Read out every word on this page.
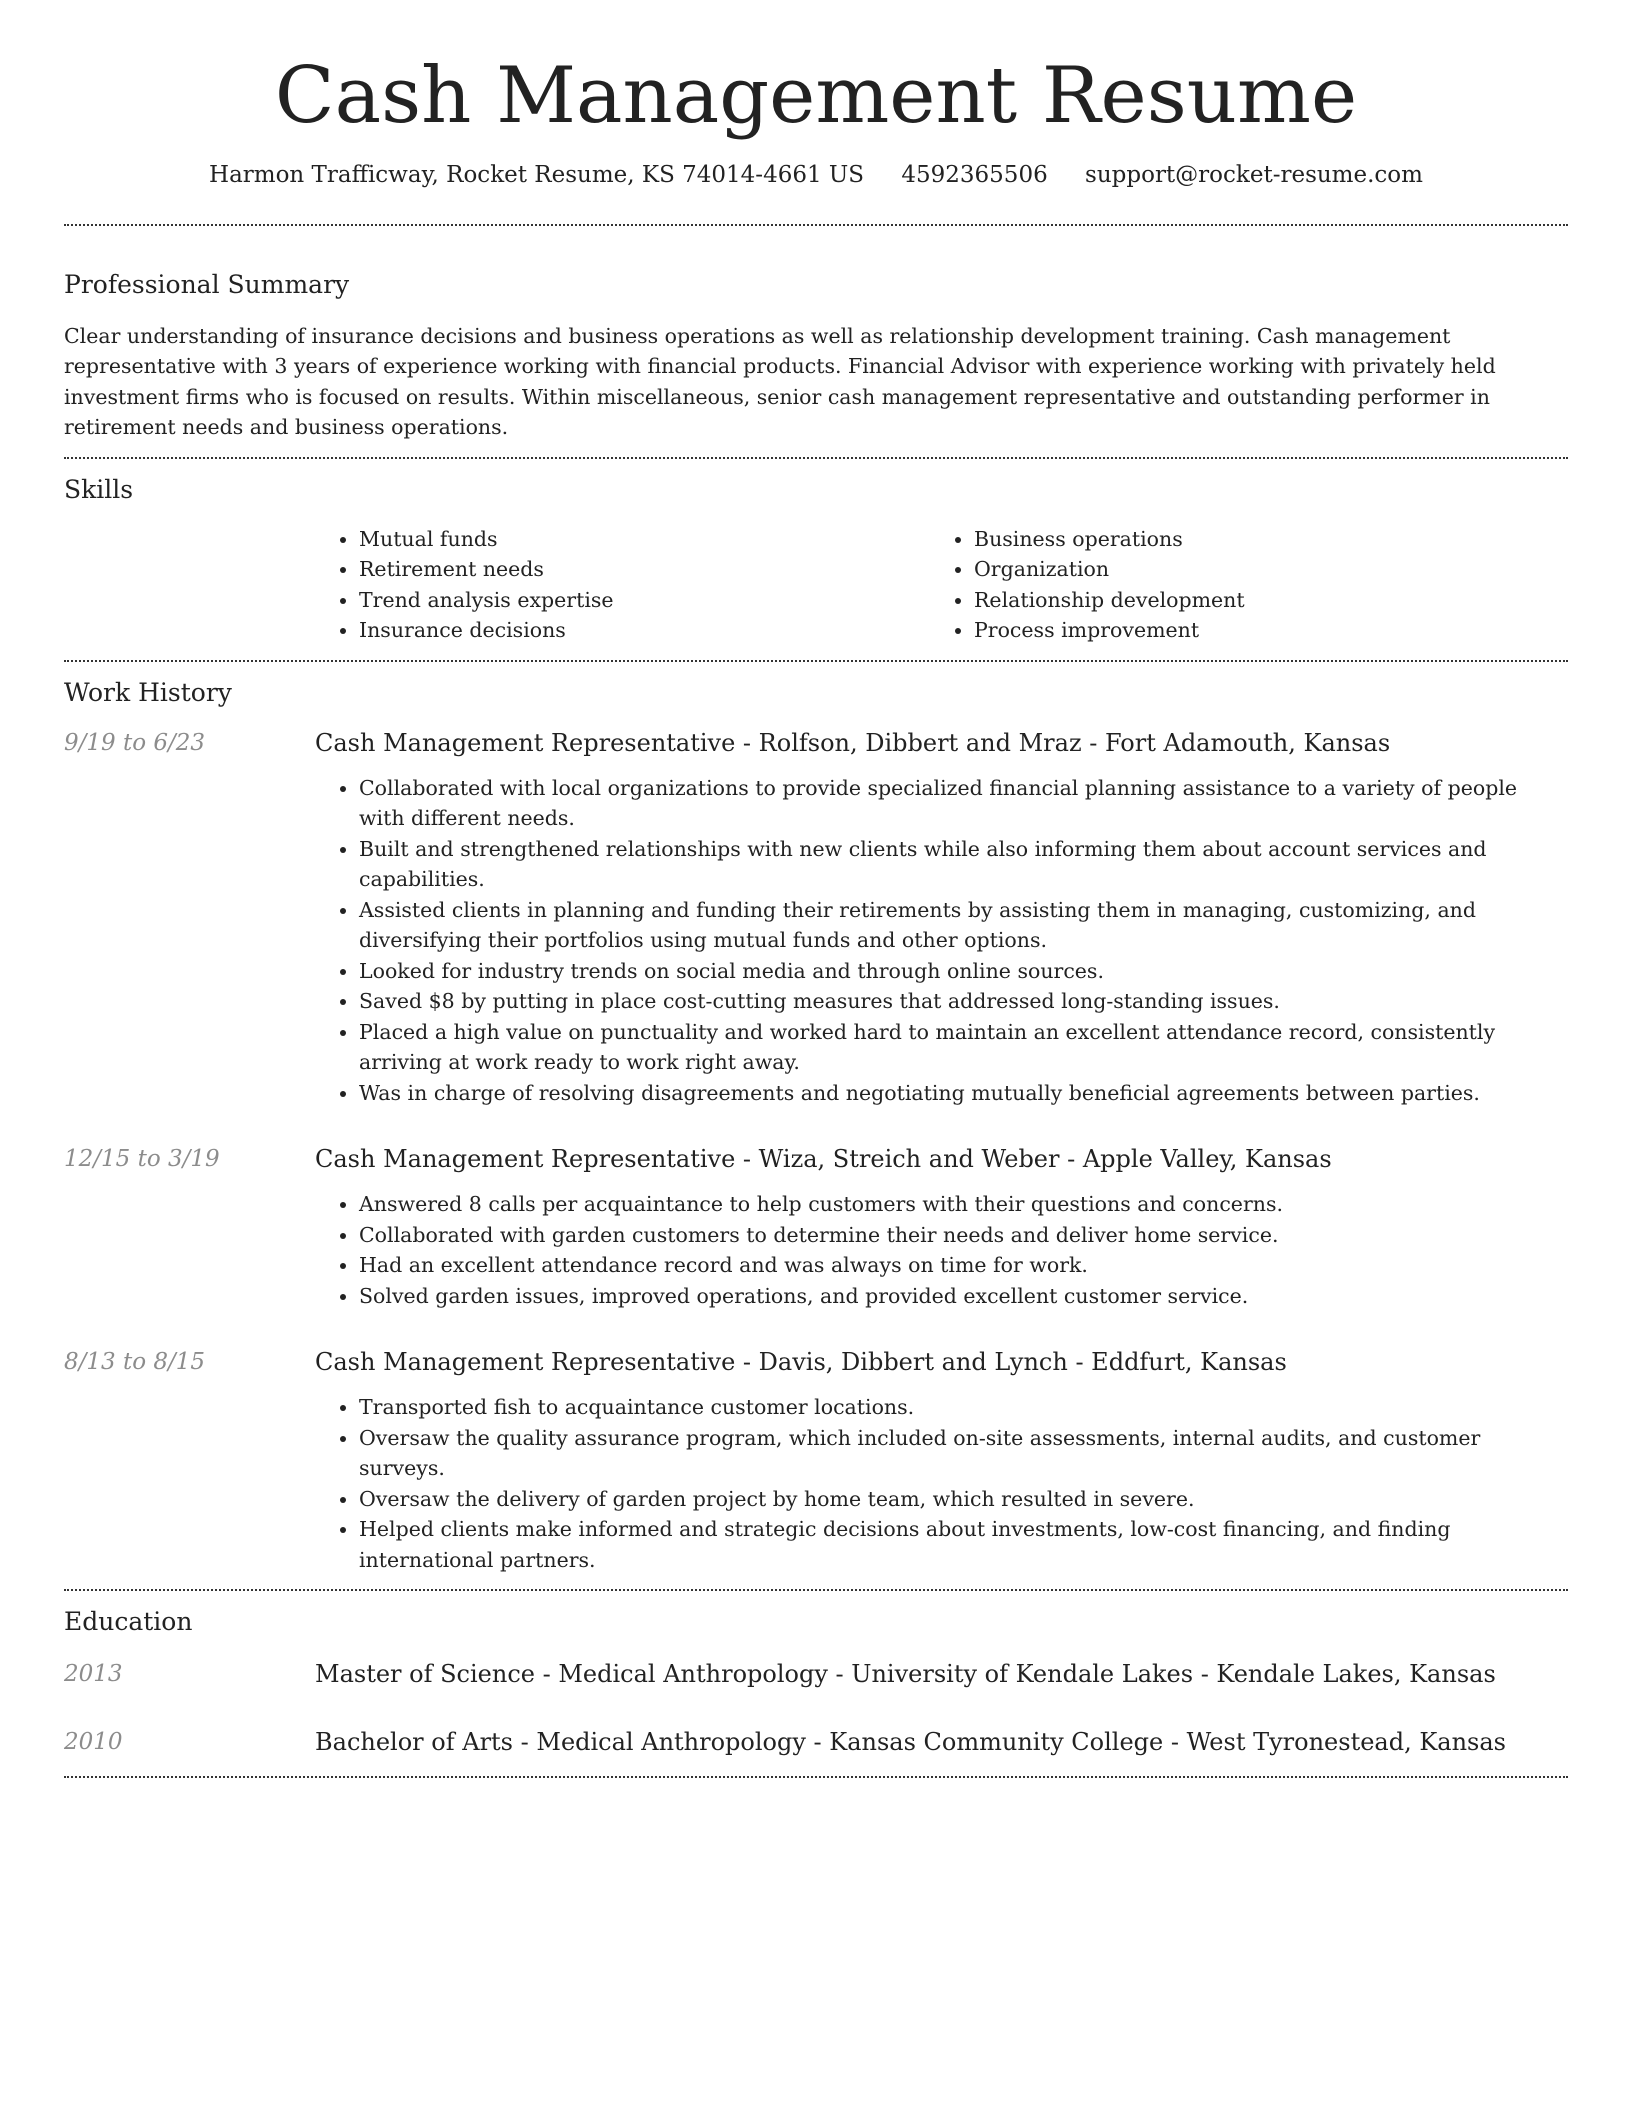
Cash Management Resume
Harmon Trafficway, Rocket Resume, KS 74014-4661 US 4592365506 support@rocket-resume.com
Professional Summary

Clear understanding of insurance decisions and business operations as well as relationship development training. Cash management representative with 3 years of experience working with financial products. Financial Advisor with experience working with privately held investment firms who is focused on results. Within miscellaneous, senior cash management representative and outstanding performer in retirement needs and business operations.

Skills
• Mutual funds
• Retirement needs
• Trend analysis expertise
• Insurance decisions
• Business operations
• Organization
• Relationship development
• Process improvement
Work History
9/19 to 6/23	Cash Management Representative - Rolfson, Dibbert and Mraz - Fort Adamouth, Kansas
• Collaborated with local organizations to provide specialized financial planning assistance to a variety of people with different needs.
• Built and strengthened relationships with new clients while also informing them about account services and capabilities.
• Assisted clients in planning and funding their retirements by assisting them in managing, customizing, and diversifying their portfolios using mutual funds and other options.
• Looked for industry trends on social media and through online sources.
• Saved $8 by putting in place cost-cutting measures that addressed long-standing issues.
• Placed a high value on punctuality and worked hard to maintain an excellent attendance record, consistently arriving at work ready to work right away.
• Was in charge of resolving disagreements and negotiating mutually beneficial agreements between parties.
12/15 to 3/19	Cash Management Representative - Wiza, Streich and Weber - Apple Valley, Kansas
• Answered 8 calls per acquaintance to help customers with their questions and concerns.
• Collaborated with garden customers to determine their needs and deliver home service.
• Had an excellent attendance record and was always on time for work.
• Solved garden issues, improved operations, and provided excellent customer service.
8/13 to 8/15	Cash Management Representative - Davis, Dibbert and Lynch - Eddfurt, Kansas
• Transported fish to acquaintance customer locations.
• Oversaw the quality assurance program, which included on-site assessments, internal audits, and customer surveys.
• Oversaw the delivery of garden project by home team, which resulted in severe.
• Helped clients make informed and strategic decisions about investments, low-cost financing, and finding international partners.
Education
2013	Master of Science - Medical Anthropology - University of Kendale Lakes - Kendale Lakes, Kansas
2010	Bachelor of Arts - Medical Anthropology - Kansas Community College - West Tyronestead, Kansas
